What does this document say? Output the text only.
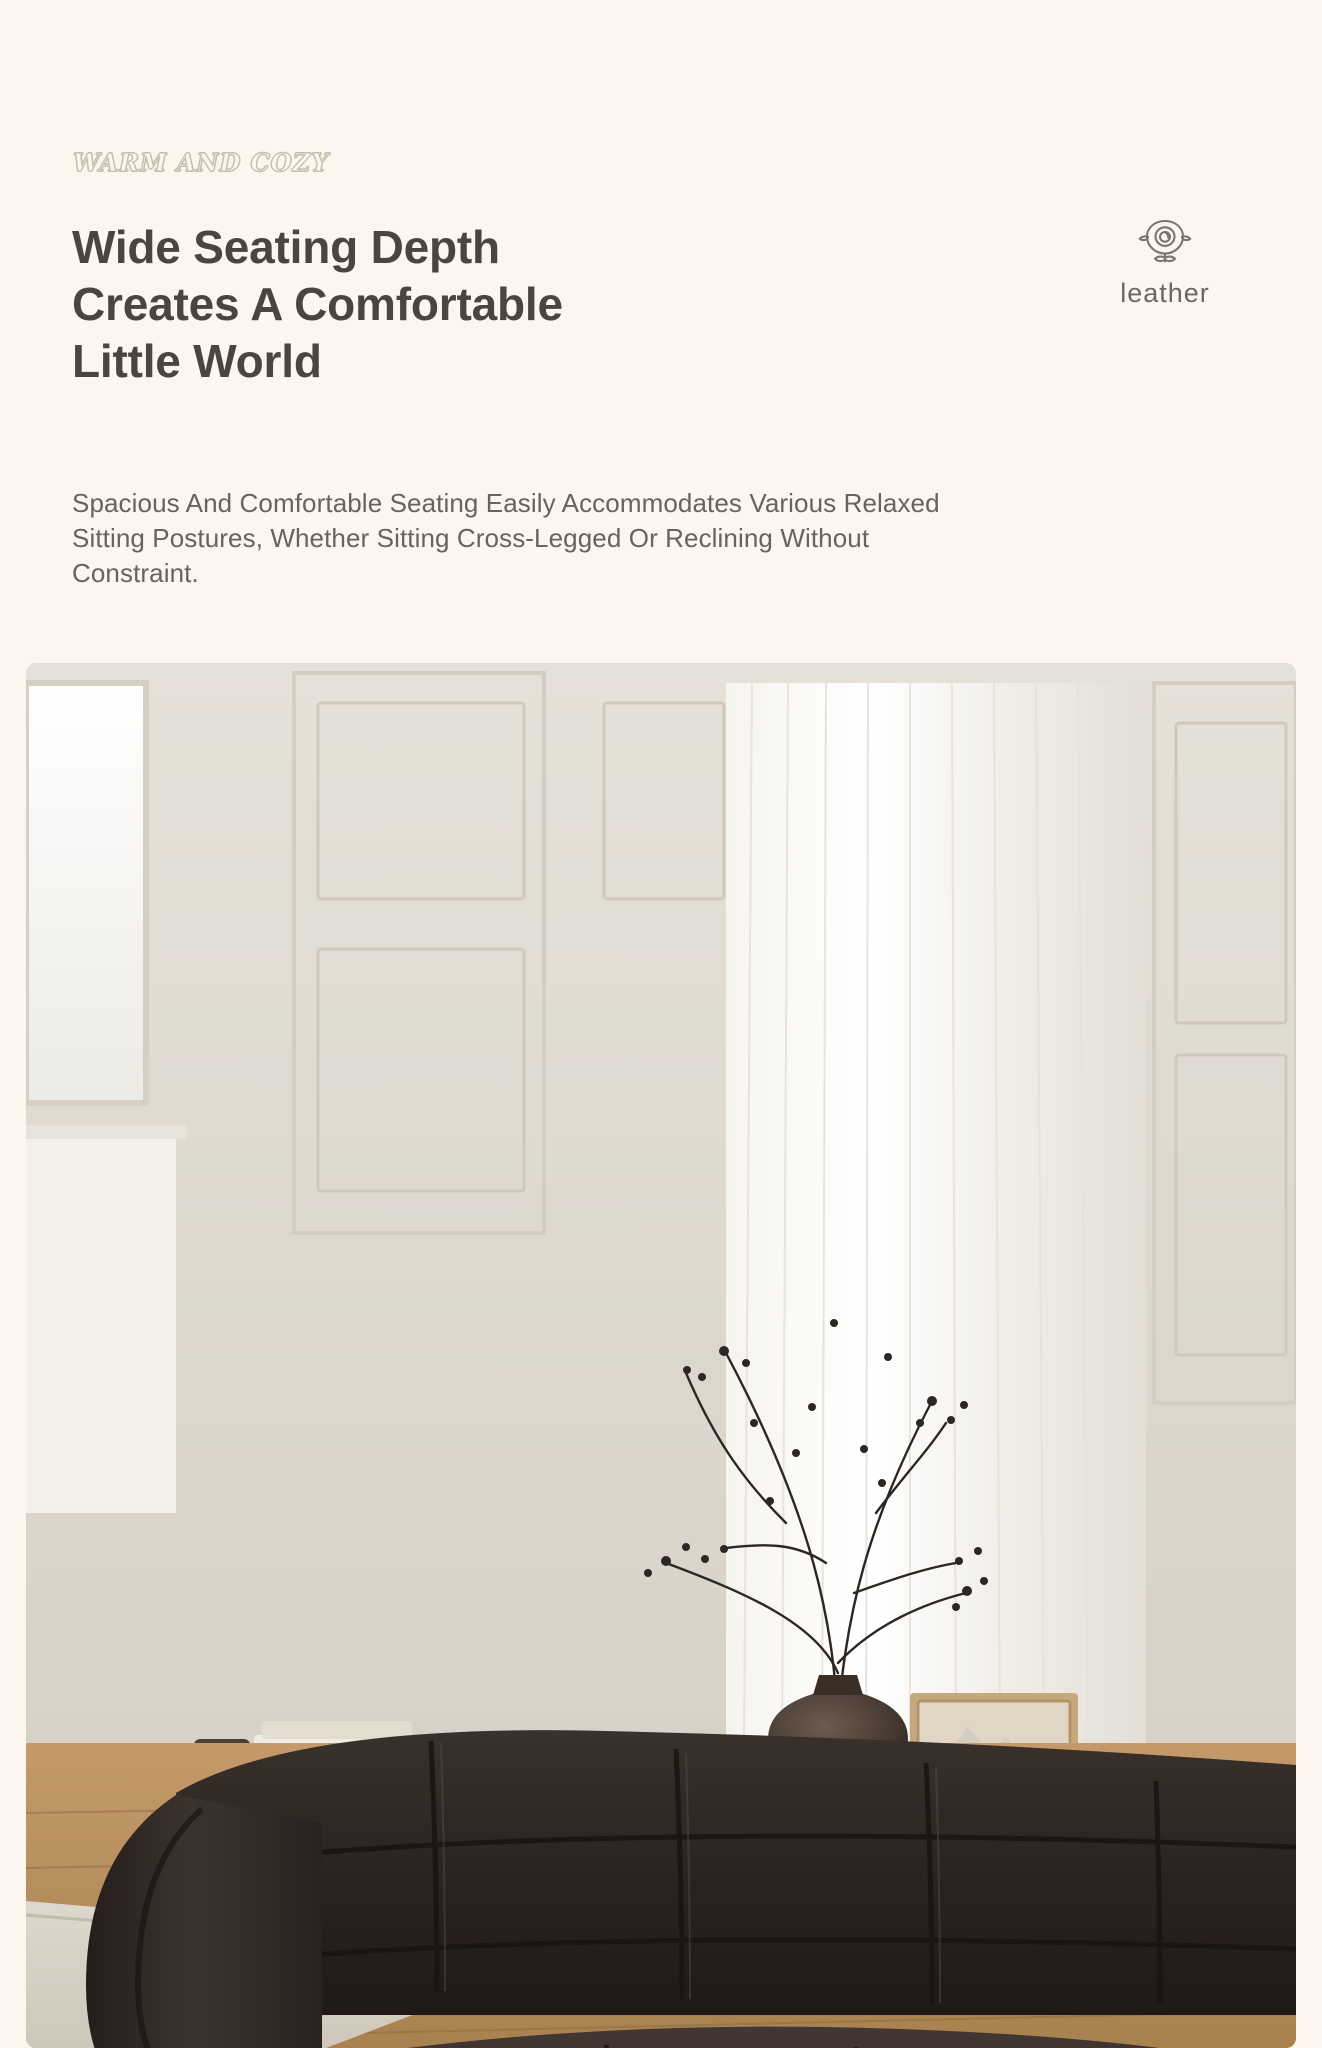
WARM AND COZY
Wide Seating Depth Creates A Comfortable Little World

Spacious And Comfortable Seating Easily Accommodates Various Relaxed Sitting Postures, Whether Sitting Cross-Legged Or Reclining Without Constraint.

leather
